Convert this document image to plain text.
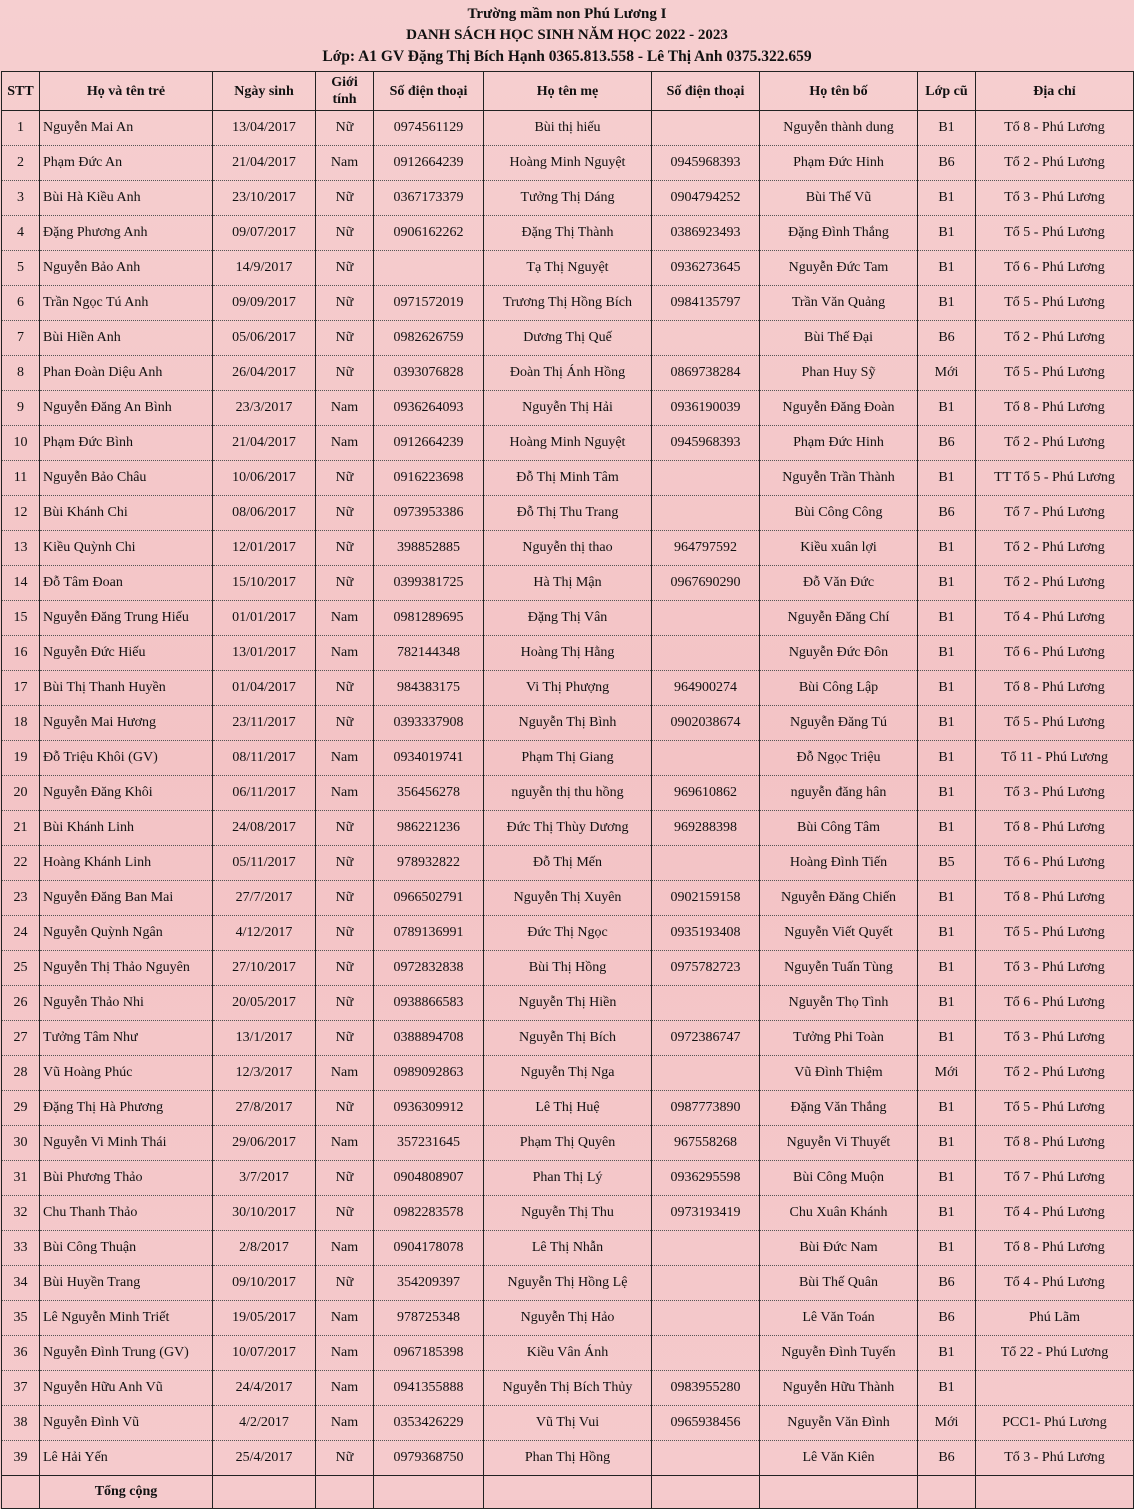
Trường mầm non Phú Lương I
DANH SÁCH HỌC SINH NĂM HỌC 2022 - 2023
Lớp: A1 GV Đặng Thị Bích Hạnh 0365.813.558 - Lê Thị Anh 0375.322.659
STT	Họ và tên trẻ	Ngày sinh	Giới tính	Số điện thoại	Họ tên mẹ	Số điện thoại	Họ tên bố	Lớp cũ	Địa chỉ
1	Nguyễn Mai An	13/04/2017	Nữ	0974561129	Bùi thị hiếu		Nguyễn thành dung	B1	Tổ 8 - Phú Lương
2	Phạm Đức An	21/04/2017	Nam	0912664239	Hoàng Minh Nguyệt	0945968393	Phạm Đức Hinh	B6	Tổ 2 - Phú Lương
3	Bùi Hà Kiều Anh	23/10/2017	Nữ	0367173379	Tưởng Thị Dáng	0904794252	Bùi Thế Vũ	B1	Tổ 3 - Phú Lương
4	Đặng Phương Anh	09/07/2017	Nữ	0906162262	Đặng Thị Thành	0386923493	Đặng Đình Thắng	B1	Tổ 5 - Phú Lương
5	Nguyễn Bảo Anh	14/9/2017	Nữ		Tạ Thị Nguyệt	0936273645	Nguyễn Đức Tam	B1	Tổ 6 - Phú Lương
6	Trần Ngọc Tú Anh	09/09/2017	Nữ	0971572019	Trương Thị Hồng Bích	0984135797	Trần Văn Quảng	B1	Tổ 5 - Phú Lương
7	Bùi Hiền Anh	05/06/2017	Nữ	0982626759	Dương Thị Quế		Bùi Thế Đại	B6	Tổ 2 - Phú Lương
8	Phan Đoàn Diệu Anh	26/04/2017	Nữ	0393076828	Đoàn Thị Ánh Hồng	0869738284	Phan Huy Sỹ	Mới	Tổ 5 - Phú Lương
9	Nguyễn Đăng An Bình	23/3/2017	Nam	0936264093	Nguyễn Thị Hải	0936190039	Nguyễn Đăng Đoàn	B1	Tổ 8 - Phú Lương
10	Phạm Đức Bình	21/04/2017	Nam	0912664239	Hoàng Minh Nguyệt	0945968393	Phạm Đức Hinh	B6	Tổ 2 - Phú Lương
11	Nguyễn Bảo Châu	10/06/2017	Nữ	0916223698	Đỗ Thị Minh Tâm		Nguyễn Trần Thành	B1	TT Tổ 5 - Phú Lương
12	Bùi Khánh Chi	08/06/2017	Nữ	0973953386	Đỗ Thị Thu Trang		Bùi Công Công	B6	Tổ 7 - Phú Lương
13	Kiều Quỳnh Chi	12/01/2017	Nữ	398852885	Nguyễn thị thao	964797592	Kiều xuân lợi	B1	Tổ 2 - Phú Lương
14	Đỗ Tâm Đoan	15/10/2017	Nữ	0399381725	Hà Thị Mận	0967690290	Đỗ Văn Đức	B1	Tổ 2 - Phú Lương
15	Nguyễn Đăng Trung Hiếu	01/01/2017	Nam	0981289695	Đặng Thị Vân		Nguyễn Đăng Chí	B1	Tổ 4 - Phú Lương
16	Nguyễn Đức Hiếu	13/01/2017	Nam	782144348	Hoàng Thị Hằng		Nguyễn Đức Đôn	B1	Tổ 6 - Phú Lương
17	Bùi Thị Thanh Huyền	01/04/2017	Nữ	984383175	Vi Thị Phượng	964900274	Bùi Công Lập	B1	Tổ 8 - Phú Lương
18	Nguyễn Mai Hương	23/11/2017	Nữ	0393337908	Nguyễn Thị Bình	0902038674	Nguyễn Đăng Tú	B1	Tổ 5 - Phú Lương
19	Đỗ Triệu Khôi (GV)	08/11/2017	Nam	0934019741	Phạm Thị Giang		Đỗ Ngọc Triệu	B1	Tổ 11 - Phú Lương
20	Nguyễn Đăng Khôi	06/11/2017	Nam	356456278	nguyễn thị thu hồng	969610862	nguyễn đăng hân	B1	Tổ 3 - Phú Lương
21	Bùi Khánh Linh	24/08/2017	Nữ	986221236	Đức Thị Thùy Dương	969288398	Bùi Công Tâm	B1	Tổ 8 - Phú Lương
22	Hoàng Khánh Linh	05/11/2017	Nữ	978932822	Đỗ Thị Mến		Hoàng Đình Tiến	B5	Tổ 6 - Phú Lương
23	Nguyễn Đăng Ban Mai	27/7/2017	Nữ	0966502791	Nguyễn Thị Xuyên	0902159158	Nguyễn Đăng Chiến	B1	Tổ 8 - Phú Lương
24	Nguyễn Quỳnh Ngân	4/12/2017	Nữ	0789136991	Đức Thị Ngọc	0935193408	Nguyễn Viết Quyết	B1	Tổ 5 - Phú Lương
25	Nguyễn Thị Thảo Nguyên	27/10/2017	Nữ	0972832838	Bùi Thị Hồng	0975782723	Nguyễn Tuấn Tùng	B1	Tổ 3 - Phú Lương
26	Nguyễn Thảo Nhi	20/05/2017	Nữ	0938866583	Nguyễn Thị Hiền		Nguyễn Thọ Tình	B1	Tổ 6 - Phú Lương
27	Tưởng Tâm Như	13/1/2017	Nữ	0388894708	Nguyễn Thị Bích	0972386747	Tưởng Phi Toàn	B1	Tổ 3 - Phú Lương
28	Vũ Hoàng Phúc	12/3/2017	Nam	0989092863	Nguyễn Thị Nga		Vũ Đình Thiệm	Mới	Tổ 2 - Phú Lương
29	Đặng Thị Hà Phương	27/8/2017	Nữ	0936309912	Lê Thị Huệ	0987773890	Đặng Văn Thắng	B1	Tổ 5 - Phú Lương
30	Nguyễn Vi Minh Thái	29/06/2017	Nam	357231645	Phạm Thị Quyên	967558268	Nguyễn Vi Thuyết	B1	Tổ 8 - Phú Lương
31	Bùi Phương Thảo	3/7/2017	Nữ	0904808907	Phan Thị Lý	0936295598	Bùi Công Muộn	B1	Tổ 7 - Phú Lương
32	Chu Thanh Thảo	30/10/2017	Nữ	0982283578	Nguyễn Thị Thu	0973193419	Chu Xuân Khánh	B1	Tổ 4 - Phú Lương
33	Bùi Công Thuận	2/8/2017	Nam	0904178078	Lê Thị Nhẫn		Bùi Đức Nam	B1	Tổ 8 - Phú Lương
34	Bùi Huyền Trang	09/10/2017	Nữ	354209397	Nguyễn Thị Hồng Lệ		Bùi Thế Quân	B6	Tổ 4 - Phú Lương
35	Lê Nguyễn Minh Triết	19/05/2017	Nam	978725348	Nguyễn Thị Hảo		Lê Văn Toán	B6	Phú Lãm
36	Nguyễn Đình Trung (GV)	10/07/2017	Nam	0967185398	Kiều Vân Ánh		Nguyễn Đình Tuyến	B1	Tổ 22 - Phú Lương
37	Nguyễn Hữu Anh Vũ	24/4/2017	Nam	0941355888	Nguyễn Thị Bích Thủy	0983955280	Nguyễn Hữu Thành	B1	
38	Nguyễn Đình Vũ	4/2/2017	Nam	0353426229	Vũ Thị Vui	0965938456	Nguyễn Văn Đình	Mới	PCC1- Phú Lương
39	Lê Hải Yến	25/4/2017	Nữ	0979368750	Phan Thị Hồng		Lê Văn Kiên	B6	Tổ 3 - Phú Lương
	Tổng cộng								
